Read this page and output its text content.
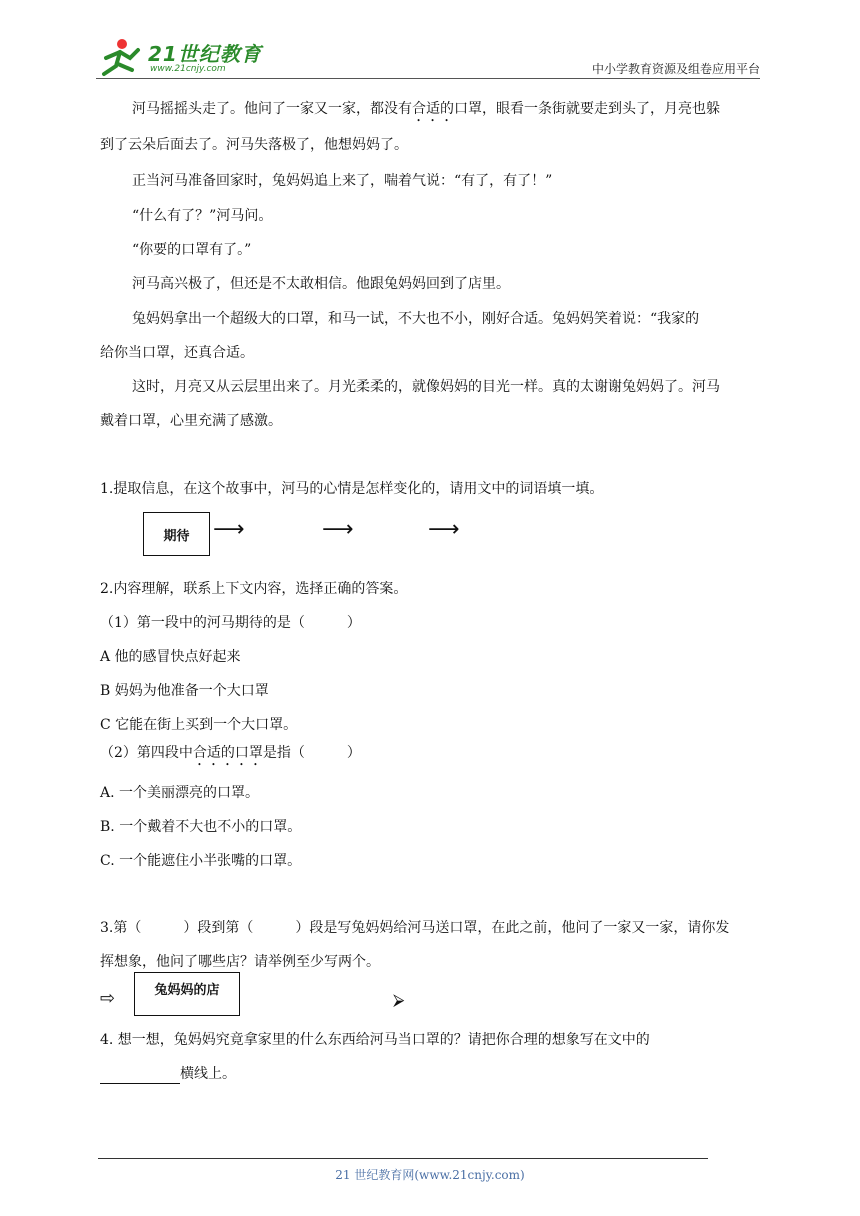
21世纪教育
www.21cnjy.com	中小学教育资源及组卷应用平台
河马摇摇头走了。他问了一家又一家，都没有合适的口罩，眼看一条街就要走到头了，月亮也躲
到了云朵后面去了。河马失落极了，他想妈妈了。
正当河马准备回家时，兔妈妈追上来了，喘着气说：“有了，有了！”
“什么有了？”河马问。
“你要的口罩有了。”
河马高兴极了，但还是不太敢相信。他跟兔妈妈回到了店里。
兔妈妈拿出一个超级大的口罩，和马一试，不大也不小，刚好合适。兔妈妈笑着说：“我家的
给你当口罩，还真合适。
这时，月亮又从云层里出来了。月光柔柔的，就像妈妈的目光一样。真的太谢谢兔妈妈了。河马
戴着口罩，心里充满了感激。
1.提取信息，在这个故事中，河马的心情是怎样变化的，请用文中的词语填一填。
期待 ⟶	⟶	⟶
2.内容理解，联系上下文内容，选择正确的答案。
（1）第一段中的河马期待的是（　　　）
A 他的感冒快点好起来
B 妈妈为他准备一个大口罩
C 它能在街上买到一个大口罩。
（2）第四段中合适的口罩是指（　　　）
A. 一个美丽漂亮的口罩。
B. 一个戴着不大也不小的口罩。
C. 一个能遮住小半张嘴的口罩。
3.第（　　　）段到第（　　　）段是写兔妈妈给河马送口罩，在此之前，他问了一家又一家，请你发
挥想象，他问了哪些店？请举例至少写两个。
⇨	兔妈妈的店	⮚
4. 想一想，兔妈妈究竟拿家里的什么东西给河马当口罩的？请把你合理的想象写在文中的
横线上。
21 世纪教育网(www.21cnjy.com)
